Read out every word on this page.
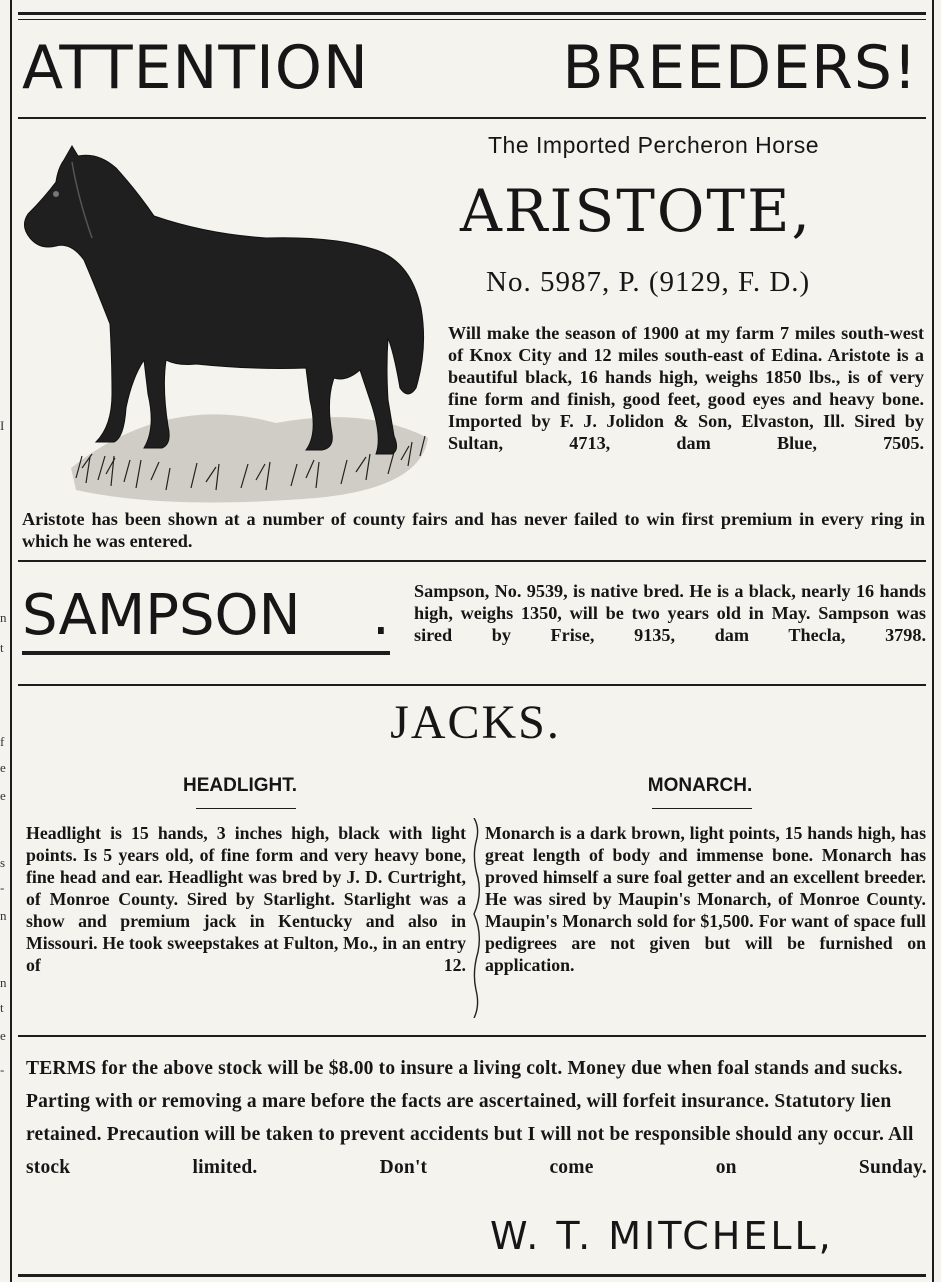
I
n
t
f
e
e
s
-
n
n
t
e
-
ATTENTION	BREEDERS!
The Imported Percheron Horse
ARISTOTE,
No. 5987, P. (9129, F. D.)
Will make the season of 1900 at my farm 7 miles south-west of Knox City and 12 miles south-east of Edina. Aristote is a beautiful black, 16 hands high, weighs 1850 lbs., is of very fine form and finish, good feet, good eyes and heavy bone. Imported by F. J. Jolidon & Son, Elvaston, Ill. Sired by Sultan, 4713, dam Blue, 7505.
Aristote has been shown at a number of county fairs and has never failed to win first premium in every ring in which he was entered.
SAMPSON . Sampson, No. 9539, is native bred. He is a black, nearly 16 hands high, weighs 1350, will be two years old in May. Sampson was sired by Frise, 9135, dam Thecla, 3798.
JACKS.
HEADLIGHT.	MONARCH.
Headlight is 15 hands, 3 inches high, black with light points. Is 5 years old, of fine form and very heavy bone, fine head and ear. Headlight was bred by J. D. Curtright, of Monroe County. Sired by Starlight. Starlight was a show and premium jack in Kentucky and also in Missouri. He took sweepstakes at Fulton, Mo., in an entry of 12.
Monarch is a dark brown, light points, 15 hands high, has great length of body and immense bone. Monarch has proved himself a sure foal getter and an excellent breeder. He was sired by Maupin's Monarch, of Monroe County. Maupin's Monarch sold for $1,500. For want of space full pedigrees are not given but will be furnished on application.
TERMS for the above stock will be $8.00 to insure a living colt. Money due when foal stands and sucks. Parting with or removing a mare before the facts are ascertained, will forfeit insurance. Statutory lien retained. Precaution will be taken to prevent accidents but I will not be responsible should any occur. All stock limited. Don't come on Sunday.
W. T. MITCHELL,
